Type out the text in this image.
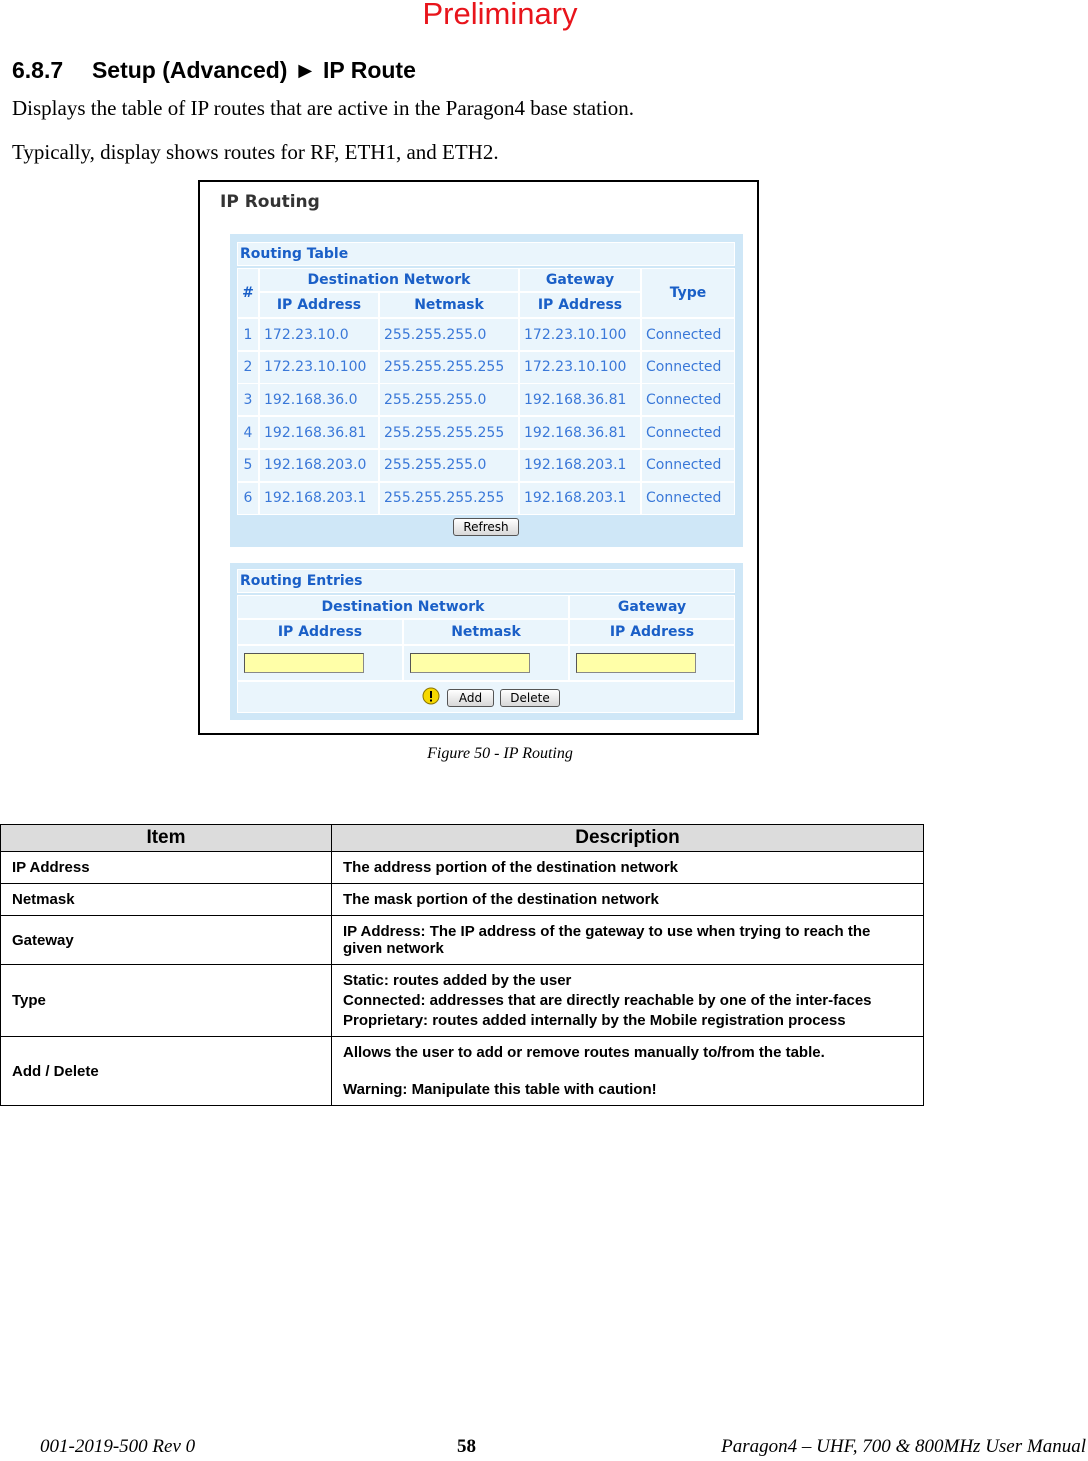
Preliminary
6.8.7 Setup (Advanced) ► IP Route
Displays the table of IP routes that are active in the Paragon4 base station.
Typically, display shows routes for RF, ETH1, and ETH2.
IP Routing
Routing Table
#
Destination Network	Gateway
Type
IP Address	Netmask	IP Address
1 172.23.10.0	255.255.255.0	172.23.10.100	Connected
2 172.23.10.100	255.255.255.255	172.23.10.100	Connected
3 192.168.36.0	255.255.255.0	192.168.36.81	Connected
4 192.168.36.81	255.255.255.255	192.168.36.81	Connected
5 192.168.203.0	255.255.255.0	192.168.203.1	Connected
6 192.168.203.1	255.255.255.255	192.168.203.1	Connected
Refresh
Routing Entries
Destination Network	Gateway
IP Address	Netmask	IP Address
Add	Delete
Figure 50 - IP Routing
Item	Description
IP Address	The address portion of the destination network

Netmask	The mask portion of the destination network

Gateway	IP Address: The IP address of the gateway to use when trying to reach the given network

Type	Static: routes added by the user
Connected: addresses that are directly reachable by one of the inter-faces
Proprietary: routes added internally by the Mobile registration process

Add / Delete	Allows the user to add or remove routes manually to/from the table.
Warning: Manipulate this table with caution!
001-2019-500 Rev 0	58	Paragon4 – UHF, 700 & 800MHz User Manual
